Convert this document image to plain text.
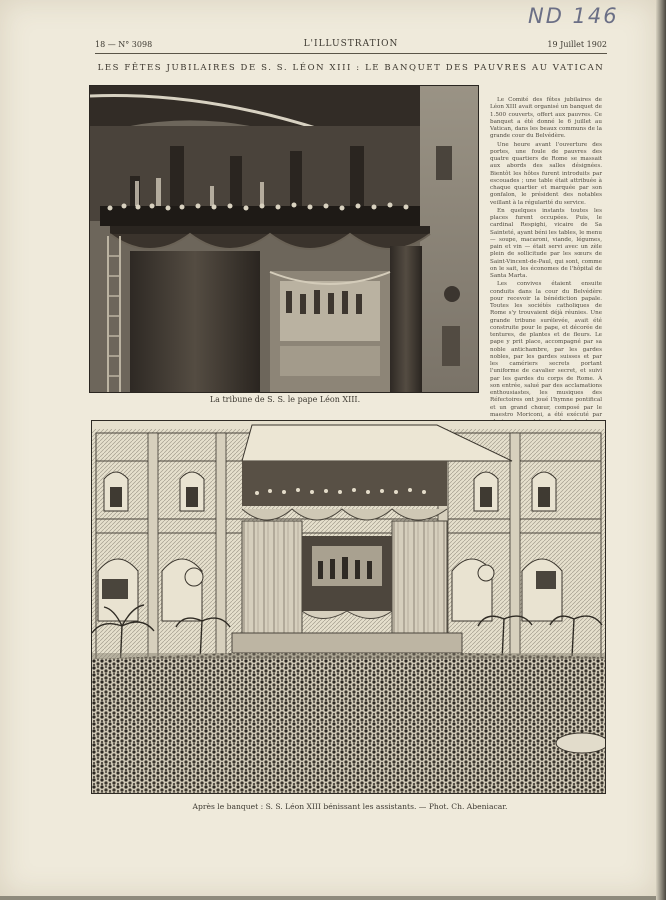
ND 146
18 — N° 3098	L'ILLUSTRATION	19 Juillet 1902
LES FÊTES JUBILAIRES DE S. S. LÉON XIII : LE BANQUET DES PAUVRES AU VATICAN
La tribune de S. S. le pape Léon XIII.

Le Comité des fêtes jubilaires de Léon XIII avait organisé un banquet de 1.500 couverts, offert aux pauvres. Ce banquet a été donné le 6 juillet au Vatican, dans les beaux communs de la grande cour du Belvédère.

Une heure avant l'ouverture des portes, une foule de pauvres des quatre quartiers de Rome se massait aux abords des salles désignées. Bientôt les hôtes furent introduits par escouades ; une table était attribuée à chaque quartier et marquée par son gonfalon, le président des notables veillant à la régularité du service.

En quelques instants toutes les places furent occupées. Puis, le cardinal Respighi, vicaire de Sa Sainteté, ayant béni les tables, le menu — soupe, macaroni, viande, légumes, pain et vin — était servi avec un zèle plein de sollicitude par les sœurs de Saint-Vincent-de-Paul, qui sont, comme on le sait, les économes de l'hôpital de Santa Marta.

Les convives étaient ensuite conduits dans la cour du Belvédère pour recevoir la bénédiction papale. Toutes les sociétés catholiques de Rome s'y trouvaient déjà réunies. Une grande tribune surélevée, avait été construite pour le pape, et décorée de tentures, de plantes et de fleurs. Le pape y prit place, accompagné par sa noble antichambre, par les gardes nobles, par les gardes suisses et par les camériers secrets portant l'uniforme de cavalier secret, et suivi par les gardes du corps de Rome. À son entrée, salué par des acclamations enthousiastes, les musiques des Réfectoires ont joué l'hymne pontifical et un grand chœur, composé par le maestro Moriconi, a été exécuté par

Après le banquet : S. S. Léon XIII bénissant les assistants. — Phot. Ch. Abeniacar.
